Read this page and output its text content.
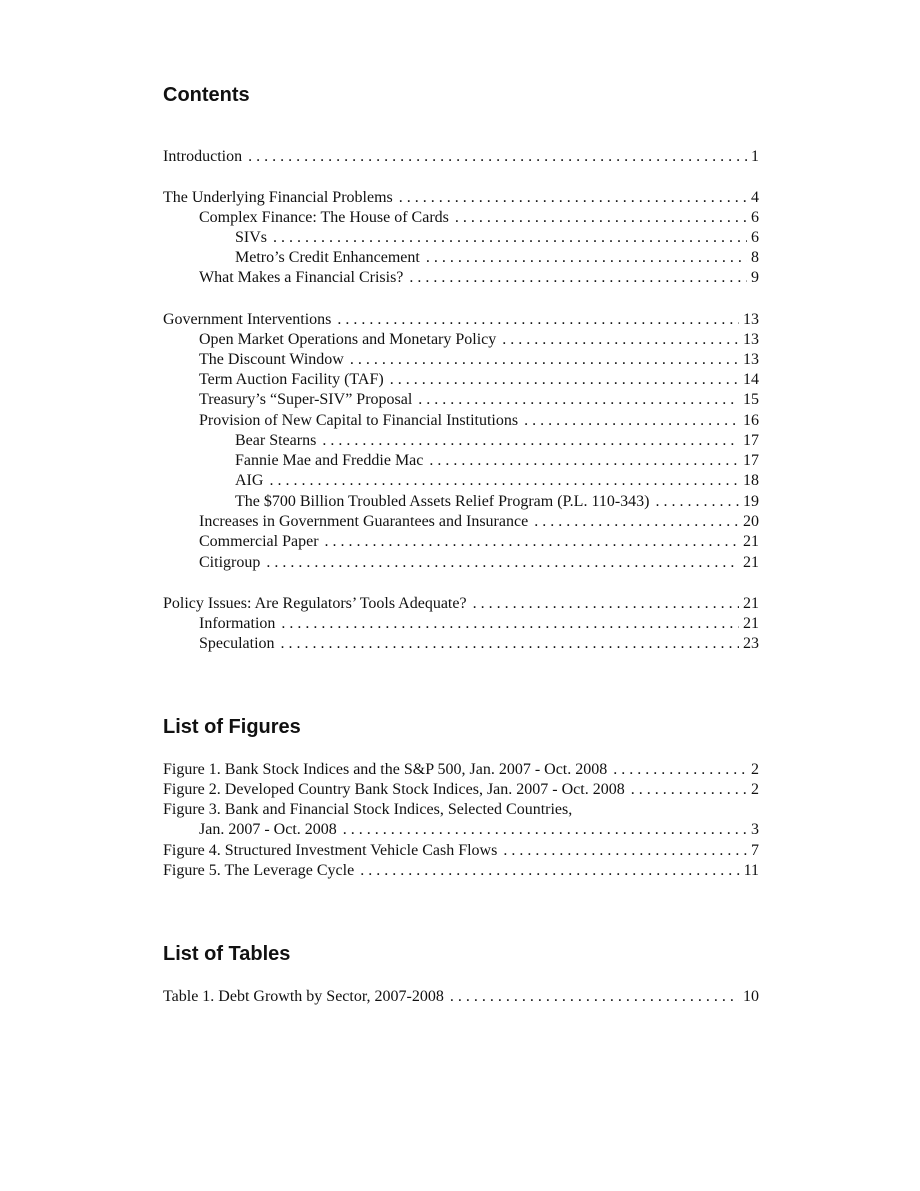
Contents
Introduction . . .	1
The Underlying Financial Problems . . .	4
Complex Finance: The House of Cards . . .	6
SIVs . . .	6
Metro’s Credit Enhancement . . .	8
What Makes a Financial Crisis? . . .	9
Government Interventions . . .	13
Open Market Operations and Monetary Policy . . .	13
The Discount Window . . .	13
Term Auction Facility (TAF) . . .	14
Treasury’s “Super-SIV” Proposal . . .	15
Provision of New Capital to Financial Institutions . . .	16
Bear Stearns . . .	17
Fannie Mae and Freddie Mac . . .	17
AIG . . .	18
The $700 Billion Troubled Assets Relief Program (P.L. 110-343) . . .	19
Increases in Government Guarantees and Insurance . . .	20
Commercial Paper . . .	21
Citigroup . . .	21
Policy Issues: Are Regulators’ Tools Adequate? . . .	21
Information . . .	21
Speculation . . .	23
List of Figures
Figure 1. Bank Stock Indices and the S&P 500, Jan. 2007 - Oct. 2008 . . .	2
Figure 2. Developed Country Bank Stock Indices, Jan. 2007 - Oct. 2008 . . .	2
Figure 3. Bank and Financial Stock Indices, Selected Countries,
Jan. 2007 - Oct. 2008 . . .	3
Figure 4. Structured Investment Vehicle Cash Flows . . .	7
Figure 5. The Leverage Cycle . . .	11
List of Tables
Table 1. Debt Growth by Sector, 2007-2008 . . .	10
